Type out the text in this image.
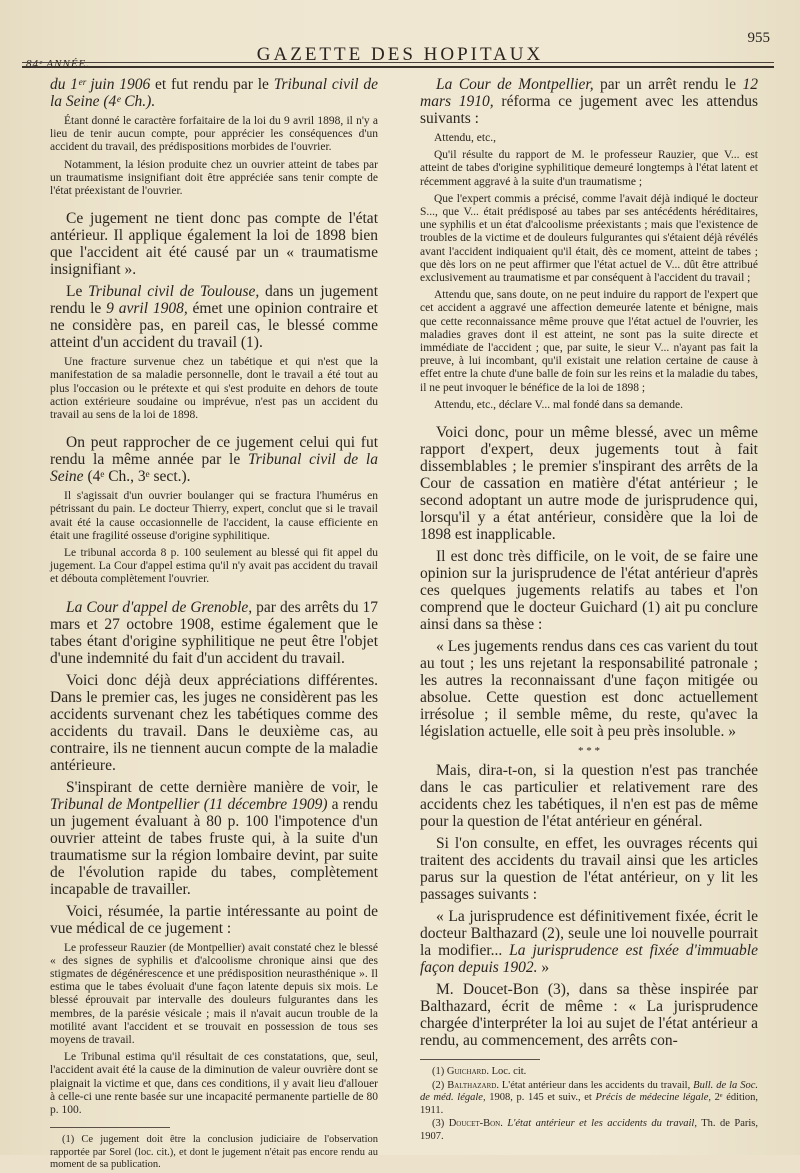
84ᵉ ANNÉE.	GAZETTE DES HOPITAUX
955

du 1ᵉʳ juin 1906 et fut rendu par le Tribunal civil de la Seine (4ᵉ Ch.).

Étant donné le caractère forfaitaire de la loi du 9 avril 1898, il n'y a lieu de tenir aucun compte, pour apprécier les conséquences d'un accident du travail, des prédispositions morbides de l'ouvrier.

Notamment, la lésion produite chez un ouvrier atteint de tabes par un traumatisme insignifiant doit être appréciée sans tenir compte de l'état préexistant de l'ouvrier.

Ce jugement ne tient donc pas compte de l'état antérieur. Il applique également la loi de 1898 bien que l'accident ait été causé par un « traumatisme insignifiant ».

Le Tribunal civil de Toulouse, dans un jugement rendu le 9 avril 1908, émet une opinion contraire et ne considère pas, en pareil cas, le blessé comme atteint d'un accident du travail (1).

Une fracture survenue chez un tabétique et qui n'est que la manifestation de sa maladie personnelle, dont le travail a été tout au plus l'occasion ou le prétexte et qui s'est produite en dehors de toute action extérieure soudaine ou imprévue, n'est pas un accident du travail au sens de la loi de 1898.

On peut rapprocher de ce jugement celui qui fut rendu la même année par le Tribunal civil de la Seine (4ᵉ Ch., 3ᵉ sect.).

Il s'agissait d'un ouvrier boulanger qui se fractura l'humérus en pétrissant du pain. Le docteur Thierry, expert, conclut que si le travail avait été la cause occasionnelle de l'accident, la cause efficiente en était une fragilité osseuse d'origine syphilitique.

Le tribunal accorda 8 p. 100 seulement au blessé qui fit appel du jugement. La Cour d'appel estima qu'il n'y avait pas accident du travail et débouta complètement l'ouvrier.

La Cour d'appel de Grenoble, par des arrêts du 17 mars et 27 octobre 1908, estime également que le tabes étant d'origine syphilitique ne peut être l'objet d'une indemnité du fait d'un accident du travail.

Voici donc déjà deux appréciations différentes. Dans le premier cas, les juges ne considèrent pas les accidents survenant chez les tabétiques comme des accidents du travail. Dans le deuxième cas, au contraire, ils ne tiennent aucun compte de la maladie antérieure.

S'inspirant de cette dernière manière de voir, le Tribunal de Montpellier (11 décembre 1909) a rendu un jugement évaluant à 80 p. 100 l'impotence d'un ouvrier atteint de tabes fruste qui, à la suite d'un traumatisme sur la région lombaire devint, par suite de l'évolution rapide du tabes, complètement incapable de travailler.

Voici, résumée, la partie intéressante au point de vue médical de ce jugement :

Le professeur Rauzier (de Montpellier) avait constaté chez le blessé « des signes de syphilis et d'alcoolisme chronique ainsi que des stigmates de dégénérescence et une prédisposition neurasthénique ». Il estima que le tabes évoluait d'une façon latente depuis six mois. Le blessé éprouvait par intervalle des douleurs fulgurantes dans les membres, de la parésie vésicale ; mais il n'avait aucun trouble de la motilité avant l'accident et se trouvait en possession de tous ses moyens de travail.

Le Tribunal estima qu'il résultait de ces constatations, que, seul, l'accident avait été la cause de la diminution de valeur ouvrière dont se plaignait la victime et que, dans ces conditions, il y avait lieu d'allouer à celle-ci une rente basée sur une incapacité permanente partielle de 80 p. 100.

(1) Ce jugement doit être la conclusion judiciaire de l'observation rapportée par Sorel (loc. cit.), et dont le jugement n'était pas encore rendu au moment de sa publication.

La Cour de Montpellier, par un arrêt rendu le 12 mars 1910, réforma ce jugement avec les attendus suivants :

Attendu, etc.,

Qu'il résulte du rapport de M. le professeur Rauzier, que V... est atteint de tabes d'origine syphilitique demeuré longtemps à l'état latent et récemment aggravé à la suite d'un traumatisme ;

Que l'expert commis a précisé, comme l'avait déjà indiqué le docteur S..., que V... était prédisposé au tabes par ses antécédents héréditaires, une syphilis et un état d'alcoolisme préexistants ; mais que l'existence de troubles de la victime et de douleurs fulgurantes qui s'étaient déjà révélés avant l'accident indiquaient qu'il était, dès ce moment, atteint de tabes ; que dès lors on ne peut affirmer que l'état actuel de V... dût être attribué exclusivement au traumatisme et par conséquent à l'accident du travail ;

Attendu que, sans doute, on ne peut induire du rapport de l'expert que cet accident a aggravé une affection demeurée latente et bénigne, mais que cette reconnaissance même prouve que l'état actuel de l'ouvrier, les maladies graves dont il est atteint, ne sont pas la suite directe et immédiate de l'accident ; que, par suite, le sieur V... n'ayant pas fait la preuve, à lui incombant, qu'il existait une relation certaine de cause à effet entre la chute d'une balle de foin sur les reins et la maladie du tabes, il ne peut invoquer le bénéfice de la loi de 1898 ;

Attendu, etc., déclare V... mal fondé dans sa demande.

Voici donc, pour un même blessé, avec un même rapport d'expert, deux jugements tout à fait dissemblables ; le premier s'inspirant des arrêts de la Cour de cassation en matière d'état antérieur ; le second adoptant un autre mode de jurisprudence qui, lorsqu'il y a état antérieur, considère que la loi de 1898 est inapplicable.

Il est donc très difficile, on le voit, de se faire une opinion sur la jurisprudence de l'état antérieur d'après ces quelques jugements relatifs au tabes et l'on comprend que le docteur Guichard (1) ait pu conclure ainsi dans sa thèse :

« Les jugements rendus dans ces cas varient du tout au tout ; les uns rejetant la responsabilité patronale ; les autres la reconnaissant d'une façon mitigée ou absolue. Cette question est donc actuellement irrésolue ; il semble même, du reste, qu'avec la législation actuelle, elle soit à peu près insoluble. »

* * *

Mais, dira-t-on, si la question n'est pas tranchée dans le cas particulier et relativement rare des accidents chez les tabétiques, il n'en est pas de même pour la question de l'état antérieur en général.

Si l'on consulte, en effet, les ouvrages récents qui traitent des accidents du travail ainsi que les articles parus sur la question de l'état antérieur, on y lit les passages suivants :

« La jurisprudence est définitivement fixée, écrit le docteur Balthazard (2), seule une loi nouvelle pourrait la modifier... La jurisprudence est fixée d'immuable façon depuis 1902. »

M. Doucet-Bon (3), dans sa thèse inspirée par Balthazard, écrit de même : « La jurisprudence chargée d'interpréter la loi au sujet de l'état antérieur a rendu, au commencement, des arrêts con-

(1) Guichard. Loc. cit.

(2) Balthazard. L'état antérieur dans les accidents du travail, Bull. de la Soc. de méd. légale, 1908, p. 145 et suiv., et Précis de médecine légale, 2ᵉ édition, 1911.

(3) Doucet-Bon. L'état antérieur et les accidents du travail, Th. de Paris, 1907.
